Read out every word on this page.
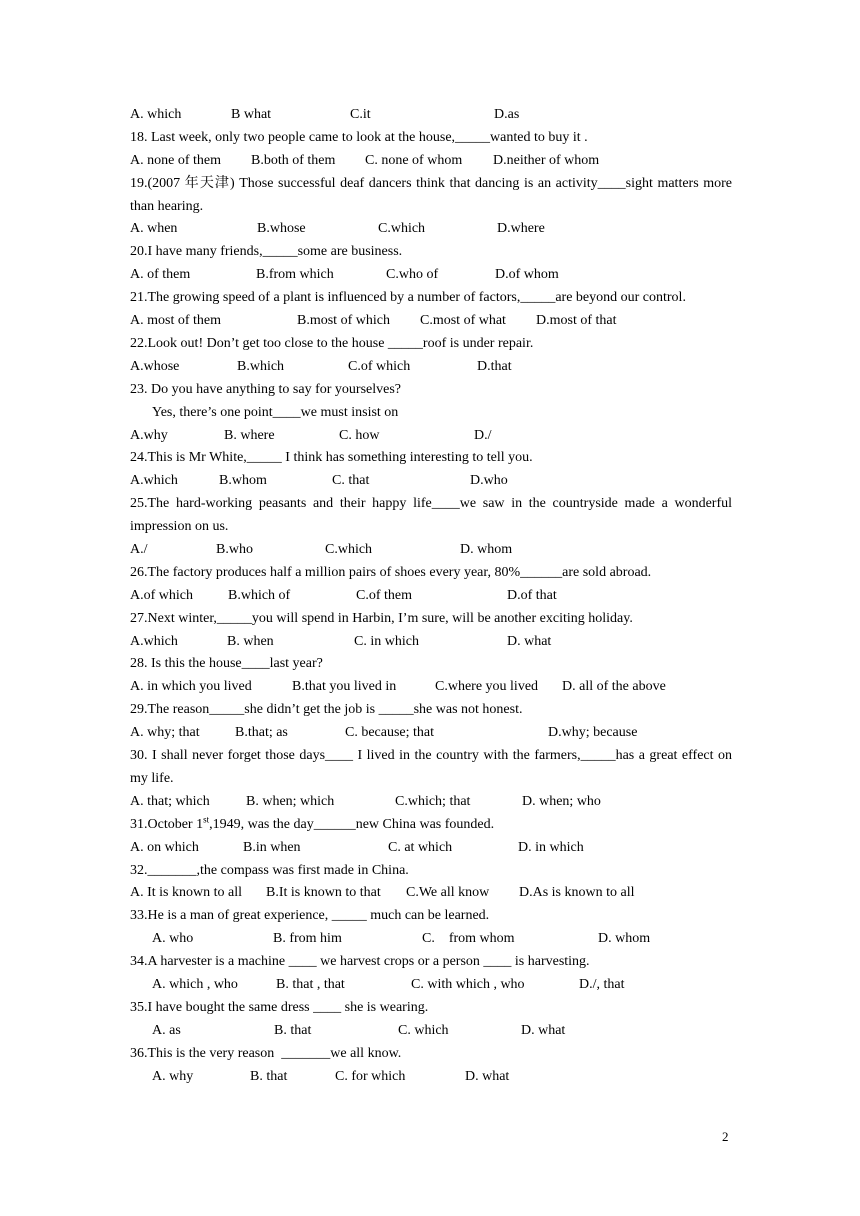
A. which	B what	C.it	D.as
18. Last week, only two people came to look at the house,_____wanted to buy it .
A. none of them B.both of them C. none of whom D.neither of whom
19.(2007 年天津) Those successful deaf dancers think that dancing is an activity____sight matters more than hearing.
A. when	B.whose	C.which	D.where
20.I have many friends,_____some are business.
A. of them	B.from which	C.who of	D.of whom
21.The growing speed of a plant is influenced by a number of factors,_____are beyond our control.
A. most of them	B.most of which C.most of what D.most of that
22.Look out! Don’t get too close to the house _____roof is under repair.
A.whose	B.which	C.of which	D.that
23. Do you have anything to say for yourselves?
Yes, there’s one point____we must insist on
A.why	B. where	C. how	D./
24.This is Mr White,_____ I think has something interesting to tell you.
A.which	B.whom	C. that	D.who
25.The hard-working peasants and their happy life____we saw in the countryside made a wonderful impression on us.
A./	B.who	C.which	D. whom
26.The factory produces half a million pairs of shoes every year, 80%______are sold abroad.
A.of which	B.which of	C.of them	D.of that
27.Next winter,_____you will spend in Harbin, I’m sure, will be another exciting holiday.
A.which	B. when	C. in which	D. what
28. Is this the house____last year?
A. in which you lived	B.that you lived in	C.where you lived D. all of the above
29.The reason_____she didn’t get the job is _____she was not honest.
A. why; that	B.that; as	C. because; that	D.why; because
30. I shall never forget those days____ I lived in the country with the farmers,_____has a great effect on my life.
A. that; which	B. when; which	C.which; that	D. when; who
31.October 1st,1949, was the day______new China was founded.
A. on which	B.in when	C. at which	D. in which
32._______,the compass was first made in China.
A. It is known to all B.It is known to that C.We all know D.As is known to all
33.He is a man of great experience, _____ much can be learned.
A. who	B. from him	C.    from whom	D. whom
34.A harvester is a machine ____ we harvest crops or a person ____ is harvesting.
A. which , who	B. that , that	C. with which , who	D./, that
35.I have bought the same dress ____ she is wearing.
A. as	B. that	C. which	D. what
36.This is the very reason  _______we all know.
A. why	B. that	C. for which	D. what
2
